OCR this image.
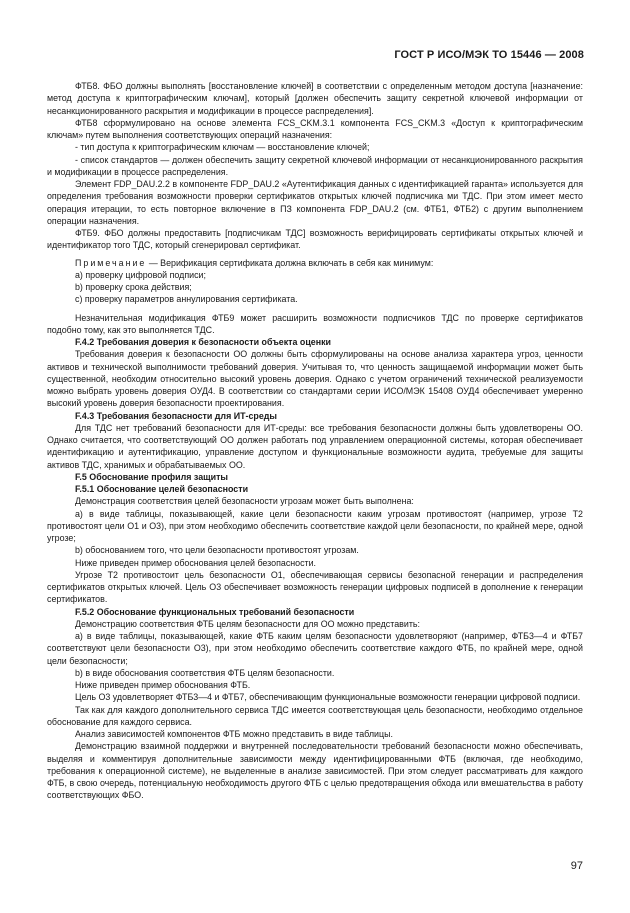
ГОСТ Р ИСО/МЭК ТО 15446 — 2008

ФТБ8. ФБО должны выполнять [восстановление ключей] в соответствии с определенным методом доступа [назначение: метод доступа к криптографическим ключам], который [должен обеспечить защиту секретной ключевой информации от несанкционированного раскрытия и модификации в процессе распределения].

ФТБ8 сформулировано на основе элемента FCS_CKM.3.1 компонента FCS_CKM.3 «Доступ к криптографическим ключам» путем выполнения соответствующих операций назначения:

- тип доступа к криптографическим ключам — восстановление ключей;

- список стандартов — должен обеспечить защиту секретной ключевой информации от несанкционированного раскрытия и модификации в процессе распределения.

Элемент FDP_DAU.2.2 в компоненте FDP_DAU.2 «Аутентификация данных с идентификацией гаранта» используется для определения требования возможности проверки сертификатов открытых ключей подписчика ми ТДС. При этом имеет место операция итерации, то есть повторное включение в ПЗ компонента FDP_DAU.2 (см. ФТБ1, ФТБ2) с другим выполнением операции назначения.

ФТБ9. ФБО должны предоставить [подписчикам ТДС] возможность верифицировать сертификаты открытых ключей и идентификатор того ТДС, который сгенерировал сертификат.

Примечание — Верификация сертификата должна включать в себя как минимум:

а) проверку цифровой подписи;

b) проверку срока действия;

c) проверку параметров аннулирования сертификата.

Незначительная модификация ФТБ9 может расширить возможности подписчиков ТДС по проверке сертификатов подобно тому, как это выполняется ТДС.

F.4.2 Требования доверия к безопасности объекта оценки

Требования доверия к безопасности ОО должны быть сформулированы на основе анализа характера угроз, ценности активов и технической выполнимости требований доверия. Учитывая то, что ценность защищаемой информации может быть существенной, необходим относительно высокий уровень доверия. Однако с учетом ограничений технической реализуемости можно выбрать уровень доверия ОУД4. В соответствии со стандартами серии ИСО/МЭК 15408 ОУД4 обеспечивает умеренно высокий уровень доверия безопасности проектирования.

F.4.3 Требования безопасности для ИТ-среды

Для ТДС нет требований безопасности для ИТ-среды: все требования безопасности должны быть удовлетворены ОО. Однако считается, что соответствующий ОО должен работать под управлением операционной системы, которая обеспечивает идентификацию и аутентификацию, управление доступом и функциональные возможности аудита, требуемые для защиты активов ТДС, хранимых и обрабатываемых ОО.

F.5 Обоснование профиля защиты

F.5.1 Обоснование целей безопасности

Демонстрация соответствия целей безопасности угрозам может быть выполнена:

а) в виде таблицы, показывающей, какие цели безопасности каким угрозам противостоят (например, угрозе Т2 противостоят цели О1 и О3), при этом необходимо обеспечить соответствие каждой цели безопасности, по крайней мере, одной угрозе;

b) обоснованием того, что цели безопасности противостоят угрозам.

Ниже приведен пример обоснования целей безопасности.

Угрозе Т2 противостоит цель безопасности О1, обеспечивающая сервисы безопасной генерации и распределения сертификатов открытых ключей. Цель О3 обеспечивает возможность генерации цифровых подписей в дополнение к генерации сертификатов.

F.5.2 Обоснование функциональных требований безопасности

Демонстрацию соответствия ФТБ целям безопасности для ОО можно представить:

а) в виде таблицы, показывающей, какие ФТБ каким целям безопасности удовлетворяют (например, ФТБ3—4 и ФТБ7 соответствуют цели безопасности О3), при этом необходимо обеспечить соответствие каждого ФТБ, по крайней мере, одной цели безопасности;

b) в виде обоснования соответствия ФТБ целям безопасности.

Ниже приведен пример обоснования ФТБ.

Цель О3 удовлетворяет ФТБ3—4 и ФТБ7, обеспечивающим функциональные возможности генерации цифровой подписи.

Так как для каждого дополнительного сервиса ТДС имеется соответствующая цель безопасности, необходимо отдельное обоснование для каждого сервиса.

Анализ зависимостей компонентов ФТБ можно представить в виде таблицы.

Демонстрацию взаимной поддержки и внутренней последовательности требований безопасности можно обеспечивать, выделяя и комментируя дополнительные зависимости между идентифицированными ФТБ (включая, где необходимо, требования к операционной системе), не выделенные в анализе зависимостей. При этом следует рассматривать для каждого ФТБ, в свою очередь, потенциальную необходимость другого ФТБ с целью предотвращения обхода или вмешательства в работу соответствующих ФБО.

97
